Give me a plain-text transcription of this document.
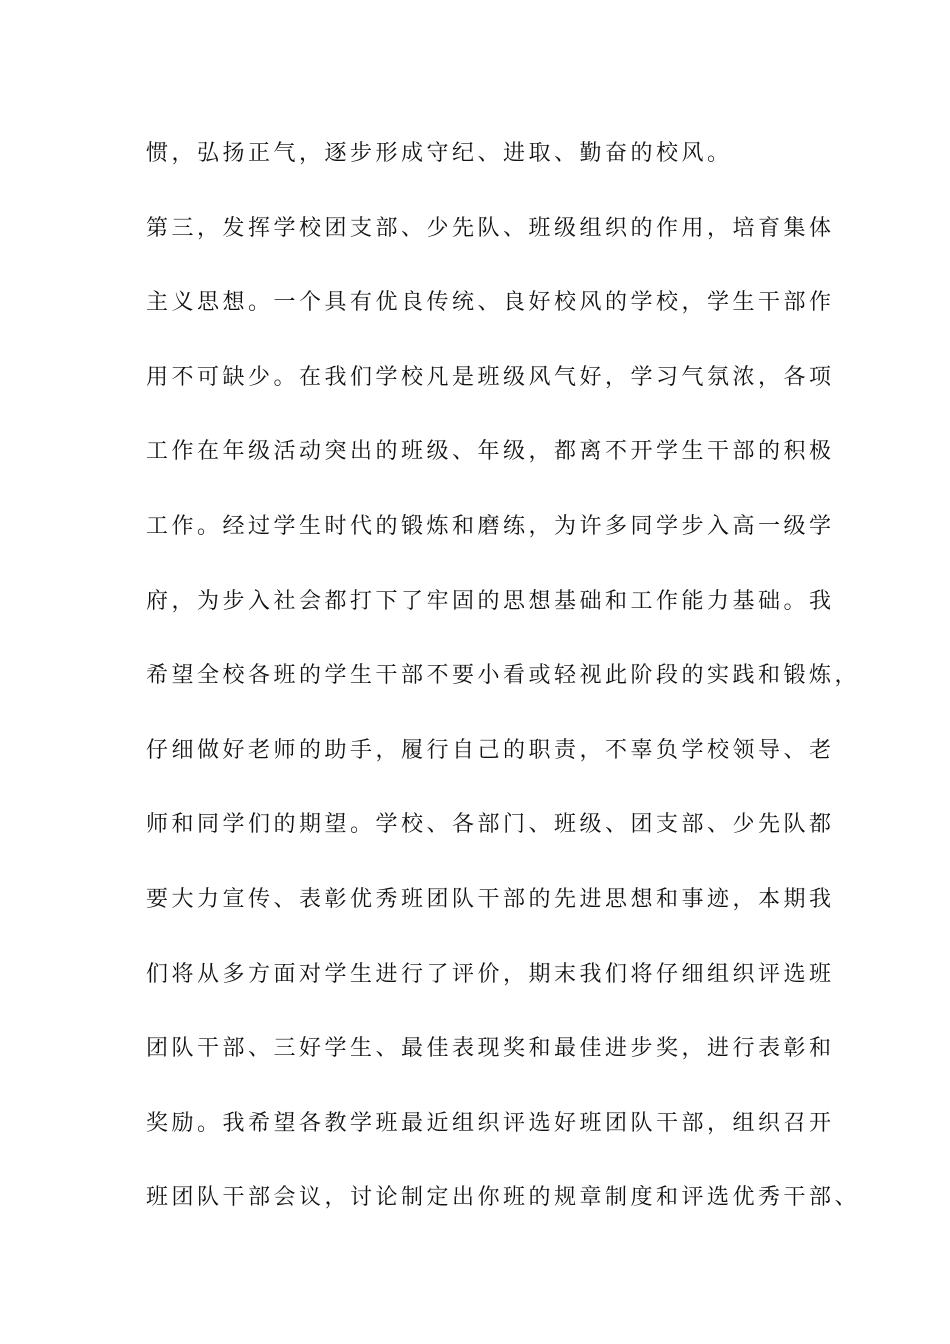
惯，弘扬正气，逐步形成守纪、进取、勤奋的校风。
第三，发挥学校团支部、少先队、班级组织的作用，培育集体
主义思想。一个具有优良传统、良好校风的学校，学生干部作
用不可缺少。在我们学校凡是班级风气好，学习气氛浓，各项
工作在年级活动突出的班级、年级，都离不开学生干部的积极
工作。经过学生时代的锻炼和磨练，为许多同学步入高一级学
府，为步入社会都打下了牢固的思想基础和工作能力基础。我
希望全校各班的学生干部不要小看或轻视此阶段的实践和锻炼，
仔细做好老师的助手，履行自己的职责，不辜负学校领导、老
师和同学们的期望。学校、各部门、班级、团支部、少先队都
要大力宣传、表彰优秀班团队干部的先进思想和事迹，本期我
们将从多方面对学生进行了评价，期末我们将仔细组织评选班
团队干部、三好学生、最佳表现奖和最佳进步奖，进行表彰和
奖励。我希望各教学班最近组织评选好班团队干部，组织召开
班团队干部会议，讨论制定出你班的规章制度和评选优秀干部、
